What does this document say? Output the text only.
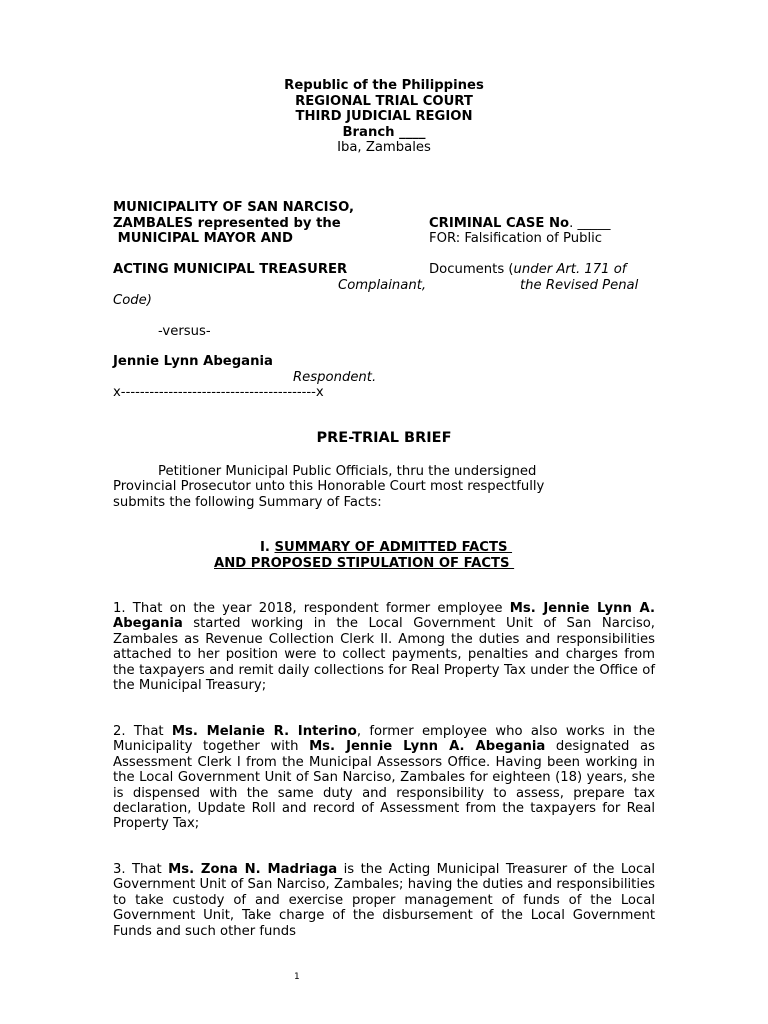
Republic of the Philippines
REGIONAL TRIAL COURT
THIRD JUDICIAL REGION
Branch ____
Iba, Zambales
MUNICIPALITY OF SAN NARCISO,
ZAMBALES represented by the
MUNICIPAL MAYOR AND
ACTING MUNICIPAL TREASURER
Complainant,
Code)
CRIMINAL CASE No. _____
FOR: Falsification of Public
Documents (under Art. 171 of
the Revised Penal
-versus-
Jennie Lynn Abegania
Respondent.
x-----------------------------------------x
PRE-TRIAL BRIEF
Petitioner Municipal Public Officials, thru the undersigned
Provincial Prosecutor unto this Honorable Court most respectfully
submits the following Summary of Facts:
I. SUMMARY OF ADMITTED FACTS
AND PROPOSED STIPULATION OF FACTS
1. That on the year 2018, respondent former employee Ms. Jennie Lynn A. Abegania started working in the Local Government Unit of San Narciso, Zambales as Revenue Collection Clerk II. Among the duties and responsibilities attached to her position were to collect payments, penalties and charges from the taxpayers and remit daily collections for Real Property Tax under the Office of the Municipal Treasury;
2. That Ms. Melanie R. Interino, former employee who also works in the Municipality together with Ms. Jennie Lynn A. Abegania designated as Assessment Clerk I from the Municipal Assessors Office. Having been working in the Local Government Unit of San Narciso, Zambales for eighteen (18) years, she is dispensed with the same duty and responsibility to assess, prepare tax declaration, Update Roll and record of Assessment from the taxpayers for Real Property Tax;
3. That Ms. Zona N. Madriaga is the Acting Municipal Treasurer of the Local Government Unit of San Narciso, Zambales; having the duties and responsibilities to take custody of and exercise proper management of funds of the Local Government Unit, Take charge of the disbursement of the Local Government Funds and such other funds
1
